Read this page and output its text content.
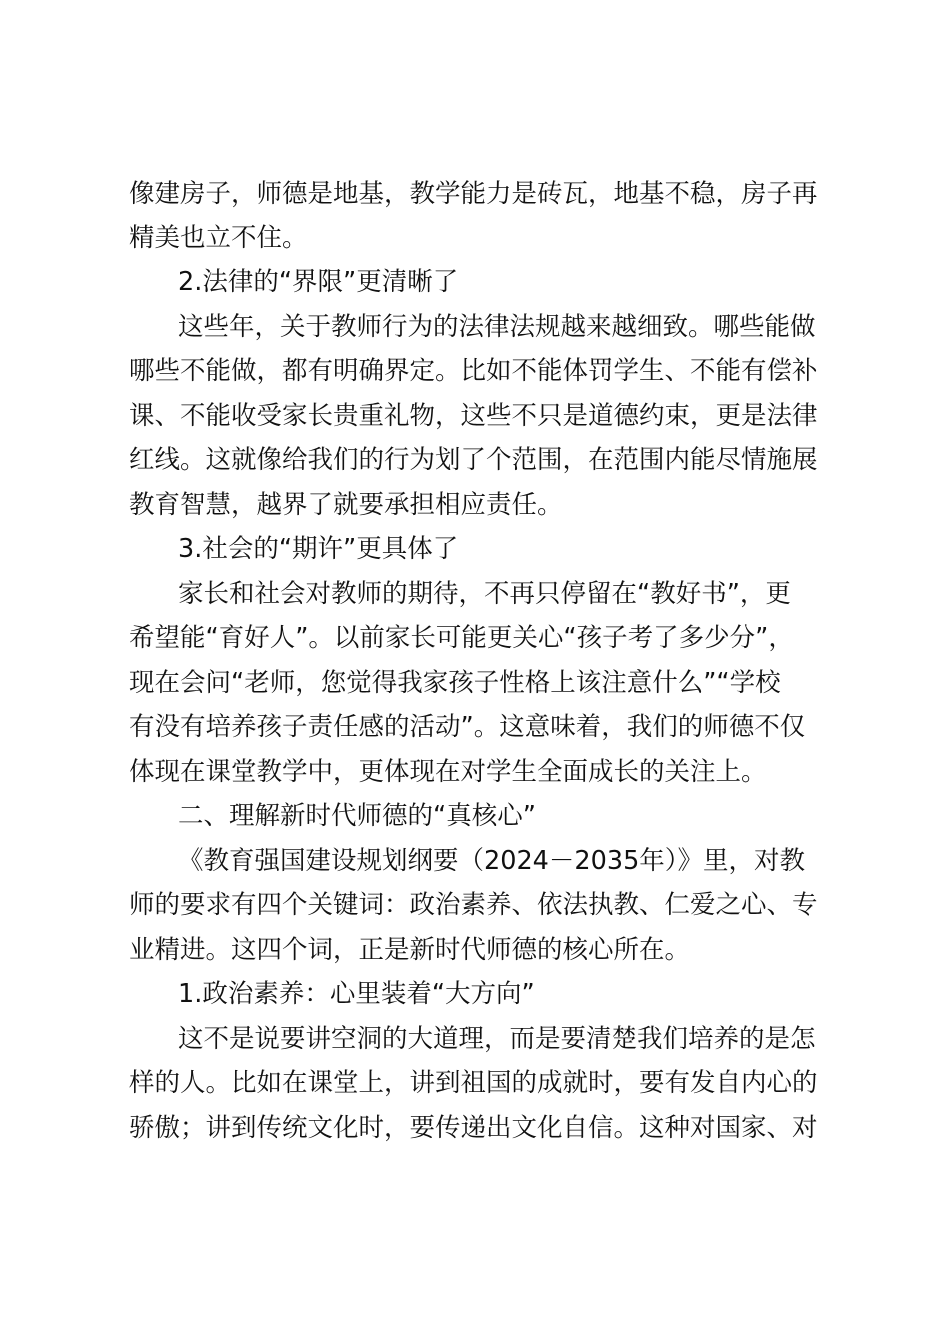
像建房子，师德是地基，教学能力是砖瓦，地基不稳，房子再
精美也立不住。
2.法律的“界限”更清晰了
这些年，关于教师行为的法律法规越来越细致。哪些能做
哪些不能做，都有明确界定。比如不能体罚学生、不能有偿补
课、不能收受家长贵重礼物，这些不只是道德约束，更是法律
红线。这就像给我们的行为划了个范围，在范围内能尽情施展
教育智慧，越界了就要承担相应责任。
3.社会的“期许”更具体了
家长和社会对教师的期待，不再只停留在“教好书”，更
希望能“育好人”。以前家长可能更关心“孩子考了多少分”，
现在会问“老师，您觉得我家孩子性格上该注意什么”“学校
有没有培养孩子责任感的活动”。这意味着，我们的师德不仅
体现在课堂教学中，更体现在对学生全面成长的关注上。
二、理解新时代师德的“真核心”
《教育强国建设规划纲要（2024－2035年）》里，对教
师的要求有四个关键词：政治素养、依法执教、仁爱之心、专
业精进。这四个词，正是新时代师德的核心所在。
1.政治素养：心里装着“大方向”
这不是说要讲空洞的大道理，而是要清楚我们培养的是怎
样的人。比如在课堂上，讲到祖国的成就时，要有发自内心的
骄傲；讲到传统文化时，要传递出文化自信。这种对国家、对
